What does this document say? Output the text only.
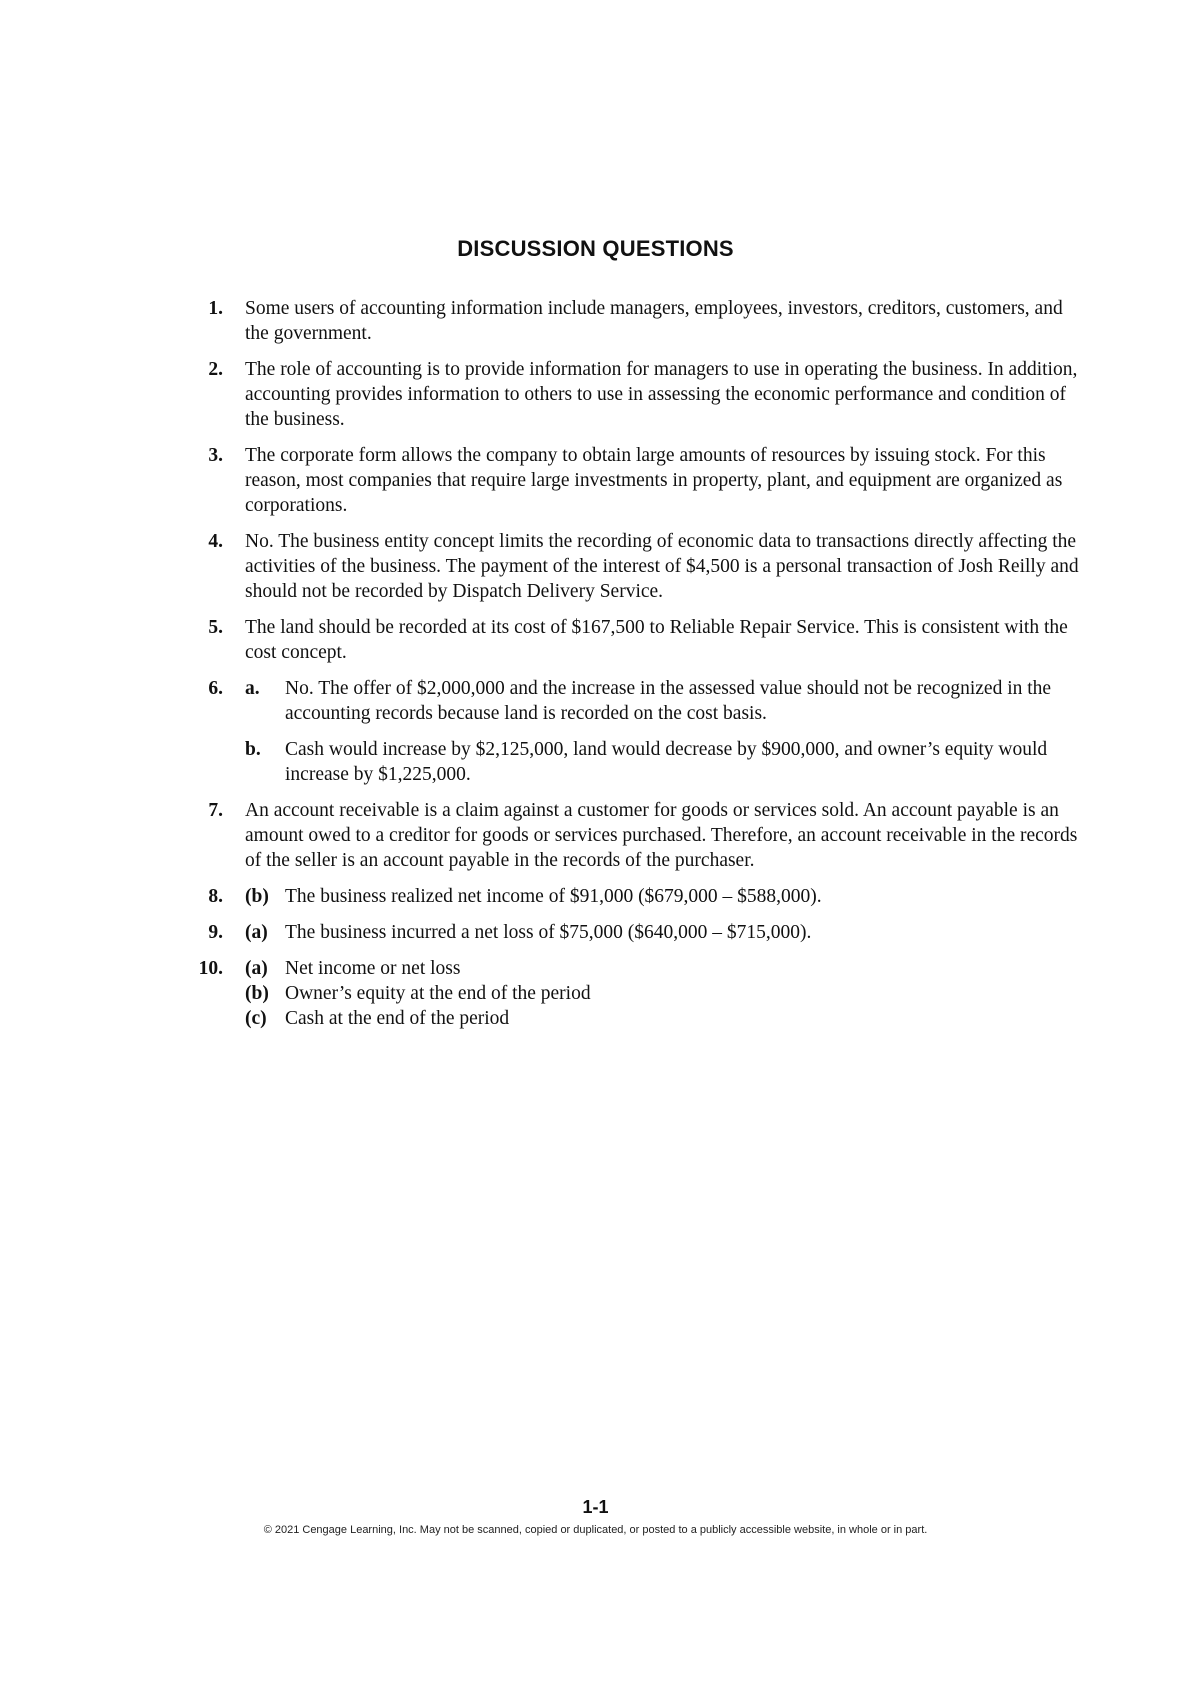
DISCUSSION QUESTIONS
1. Some users of accounting information include managers, employees, investors, creditors, customers, and the government.
2. The role of accounting is to provide information for managers to use in operating the business. In addition, accounting provides information to others to use in assessing the economic performance and condition of the business.
3. The corporate form allows the company to obtain large amounts of resources by issuing stock. For this reason, most companies that require large investments in property, plant, and equipment are organized as corporations.
4. No. The business entity concept limits the recording of economic data to transactions directly affecting the activities of the business. The payment of the interest of $4,500 is a personal transaction of Josh Reilly and should not be recorded by Dispatch Delivery Service.
5. The land should be recorded at its cost of $167,500 to Reliable Repair Service. This is consistent with the cost concept.
6. a. No. The offer of $2,000,000 and the increase in the assessed value should not be recognized in the accounting records because land is recorded on the cost basis.
b. Cash would increase by $2,125,000, land would decrease by $900,000, and owner’s equity would increase by $1,225,000.
7. An account receivable is a claim against a customer for goods or services sold. An account payable is an amount owed to a creditor for goods or services purchased. Therefore, an account receivable in the records of the seller is an account payable in the records of the purchaser.
8. (b) The business realized net income of $91,000 ($679,000 – $588,000).
9. (a) The business incurred a net loss of $75,000 ($640,000 – $715,000).
10. (a) Net income or net loss
(b) Owner’s equity at the end of the period
(c) Cash at the end of the period
1-1
© 2021 Cengage Learning, Inc. May not be scanned, copied or duplicated, or posted to a publicly accessible website, in whole or in part.
